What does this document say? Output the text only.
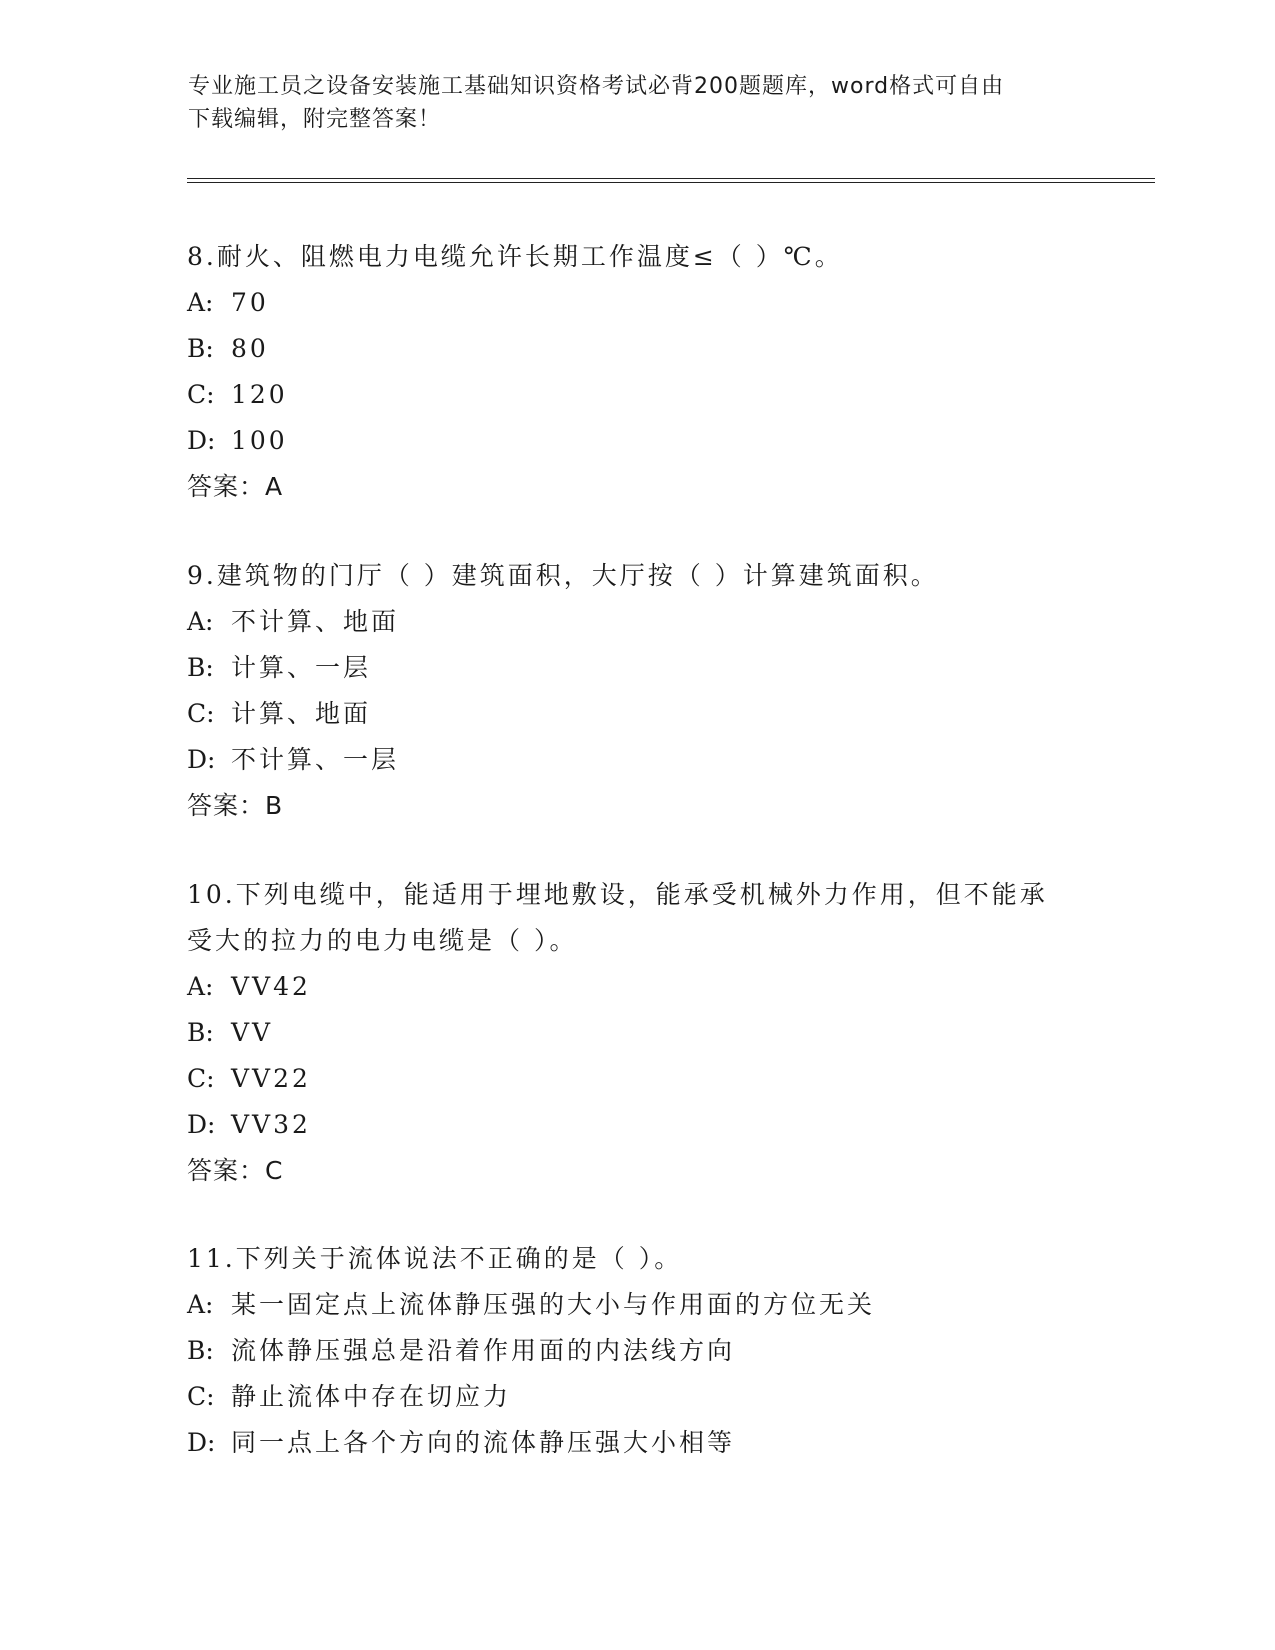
专业施工员之设备安装施工基础知识资格考试必背200题题库，word格式可自由
下载编辑，附完整答案！

8.耐火、阻燃电力电缆允许长期工作温度≤（ ）℃。

A: 70

B: 80

C: 120

D: 100

答案：A

9.建筑物的门厅（ ）建筑面积，大厅按（ ）计算建筑面积。

A: 不计算、地面

B: 计算、一层

C: 计算、地面

D: 不计算、一层

答案：B

10.下列电缆中，能适用于埋地敷设，能承受机械外力作用，但不能承

受大的拉力的电力电缆是（ ）。

A: VV42

B: VV

C: VV22

D: VV32

答案：C

11.下列关于流体说法不正确的是（ ）。

A: 某一固定点上流体静压强的大小与作用面的方位无关

B: 流体静压强总是沿着作用面的内法线方向

C: 静止流体中存在切应力

D: 同一点上各个方向的流体静压强大小相等
